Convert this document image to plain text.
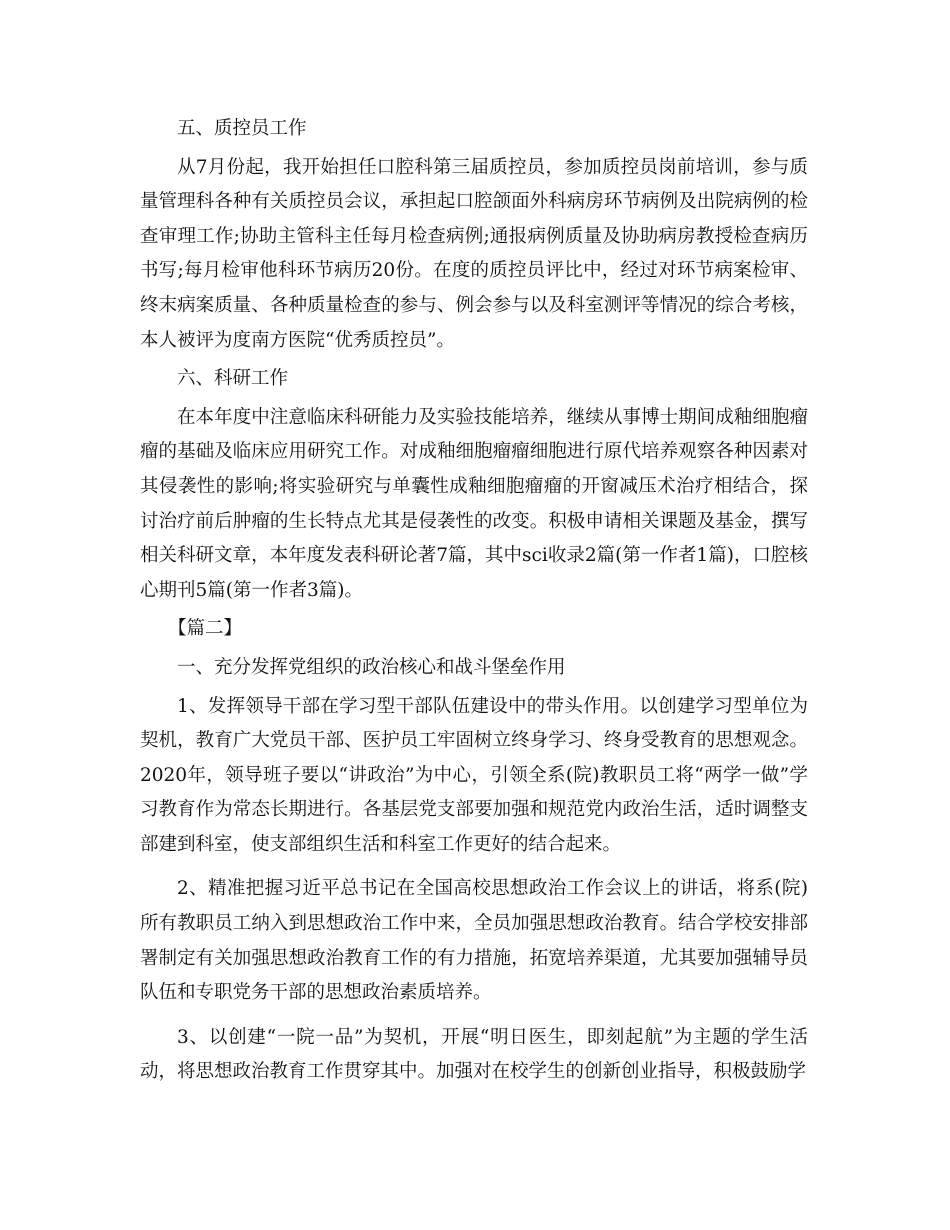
五、质控员工作

从7月份起，我开始担任口腔科第三届质控员，参加质控员岗前培训，参与质量管理科各种有关质控员会议，承担起口腔颌面外科病房环节病例及出院病例的检查审理工作;协助主管科主任每月检查病例;通报病例质量及协助病房教授检查病历书写;每月检审他科环节病历20份。在度的质控员评比中，经过对环节病案检审、终末病案质量、各种质量检查的参与、例会参与以及科室测评等情况的综合考核，本人被评为度南方医院“优秀质控员”。

六、科研工作

在本年度中注意临床科研能力及实验技能培养，继续从事博士期间成釉细胞瘤瘤的基础及临床应用研究工作。对成釉细胞瘤瘤细胞进行原代培养观察各种因素对其侵袭性的影响;将实验研究与单囊性成釉细胞瘤瘤的开窗减压术治疗相结合，探讨治疗前后肿瘤的生长特点尤其是侵袭性的改变。积极申请相关课题及基金，撰写相关科研文章，本年度发表科研论著7篇，其中sci收录2篇(第一作者1篇)，口腔核心期刊5篇(第一作者3篇)。

【篇二】

一、充分发挥党组织的政治核心和战斗堡垒作用

1、发挥领导干部在学习型干部队伍建设中的带头作用。以创建学习型单位为契机，教育广大党员干部、医护员工牢固树立终身学习、终身受教育的思想观念。2020年，领导班子要以“讲政治”为中心，引领全系(院)教职员工将“两学一做”学习教育作为常态长期进行。各基层党支部要加强和规范党内政治生活，适时调整支部建到科室，使支部组织生活和科室工作更好的结合起来。

2、精准把握习近平总书记在全国高校思想政治工作会议上的讲话，将系(院)所有教职员工纳入到思想政治工作中来，全员加强思想政治教育。结合学校安排部署制定有关加强思想政治教育工作的有力措施，拓宽培养渠道，尤其要加强辅导员队伍和专职党务干部的思想政治素质培养。

3、以创建“一院一品”为契机，开展“明日医生，即刻起航”为主题的学生活动，将思想政治教育工作贯穿其中。加强对在校学生的创新创业指导，积极鼓励学
